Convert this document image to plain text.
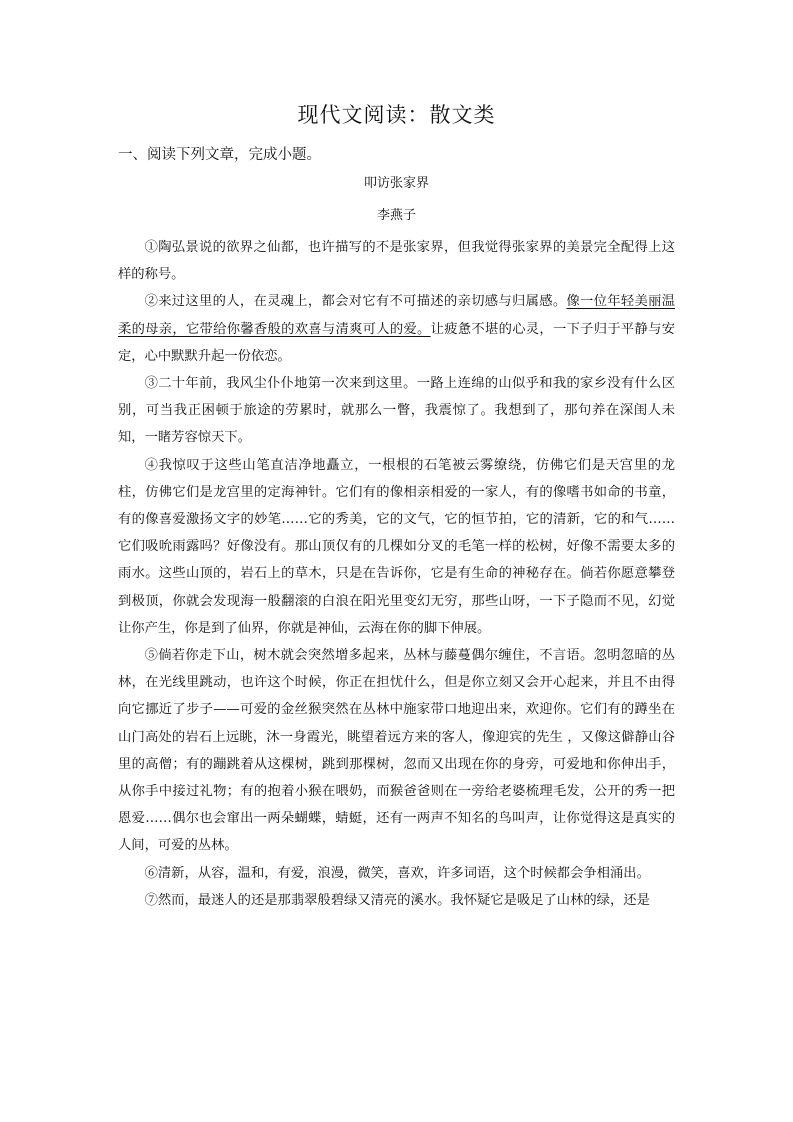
现代文阅读：散文类
一、阅读下列文章，完成小题。
叩访张家界
李燕子

①陶弘景说的欲界之仙都，也许描写的不是张家界，但我觉得张家界的美景完全配得上这样的称号。

②来过这里的人，在灵魂上，都会对它有不可描述的亲切感与归属感。像一位年轻美丽温柔的母亲，它带给你馨香般的欢喜与清爽可人的爱。让疲惫不堪的心灵，一下子归于平静与安定，心中默默升起一份依恋。

③二十年前，我风尘仆仆地第一次来到这里。一路上连绵的山似乎和我的家乡没有什么区别，可当我正困顿于旅途的劳累时，就那么一瞥，我震惊了。我想到了，那句养在深闺人未知，一睹芳容惊天下。

④我惊叹于这些山笔直洁净地矗立，一根根的石笔被云雾缭绕，仿佛它们是天宫里的龙柱，仿佛它们是龙宫里的定海神针。它们有的像相亲相爱的一家人，有的像嗜书如命的书童，有的像喜爱激扬文字的妙笔……它的秀美，它的文气，它的恒节拍，它的清新，它的和气……它们吸吮雨露吗？好像没有。那山顶仅有的几棵如分叉的毛笔一样的松树，好像不需要太多的雨水。这些山顶的，岩石上的草木，只是在告诉你，它是有生命的神秘存在。倘若你愿意攀登到极顶，你就会发现海一般翻滚的白浪在阳光里变幻无穷，那些山呀，一下子隐而不见，幻觉让你产生，你是到了仙界，你就是神仙，云海在你的脚下伸展。

⑤倘若你走下山，树木就会突然增多起来，丛林与藤蔓偶尔缠住，不言语。忽明忽暗的丛林，在光线里跳动，也许这个时候，你正在担忧什么，但是你立刻又会开心起来，并且不由得向它挪近了步子——可爱的金丝猴突然在丛林中施家带口地迎出来，欢迎你。它们有的蹲坐在山门高处的岩石上远眺，沐一身霞光，眺望着远方来的客人，像迎宾的先生 ，又像这僻静山谷里的高僧；有的蹦跳着从这棵树，跳到那棵树，忽而又出现在你的身旁，可爱地和你伸出手，从你手中接过礼物；有的抱着小猴在喂奶，而猴爸爸则在一旁给老婆梳理毛发，公开的秀一把恩爱……偶尔也会窜出一两朵蝴蝶，蜻蜓，还有一两声不知名的鸟叫声，让你觉得这是真实的人间，可爱的丛林。

⑥清新，从容，温和，有爱，浪漫，微笑，喜欢，许多词语，这个时候都会争相涌出。

⑦然而，最迷人的还是那翡翠般碧绿又清亮的溪水。我怀疑它是吸足了山林的绿，还是
